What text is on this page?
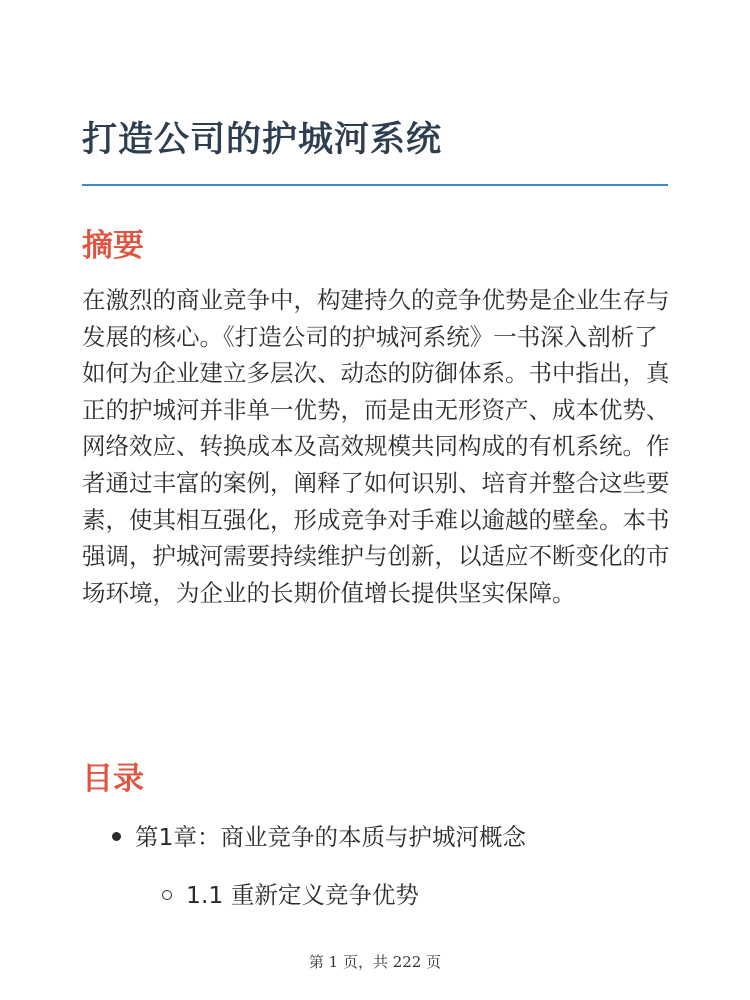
打造公司的护城河系统
摘要

在激烈的商业竞争中，构建持久的竞争优势是企业生存与发展的核心。《打造公司的护城河系统》一书深入剖析了如何为企业建立多层次、动态的防御体系。书中指出，真正的护城河并非单一优势，而是由无形资产、成本优势、网络效应、转换成本及高效规模共同构成的有机系统。作者通过丰富的案例，阐释了如何识别、培育并整合这些要素，使其相互强化，形成竞争对手难以逾越的壁垒。本书强调，护城河需要持续维护与创新，以适应不断变化的市场环境，为企业的长期价值增长提供坚实保障。

目录
第1章：商业竞争的本质与护城河概念
1.1 重新定义竞争优势
第 1 页，共 222 页
